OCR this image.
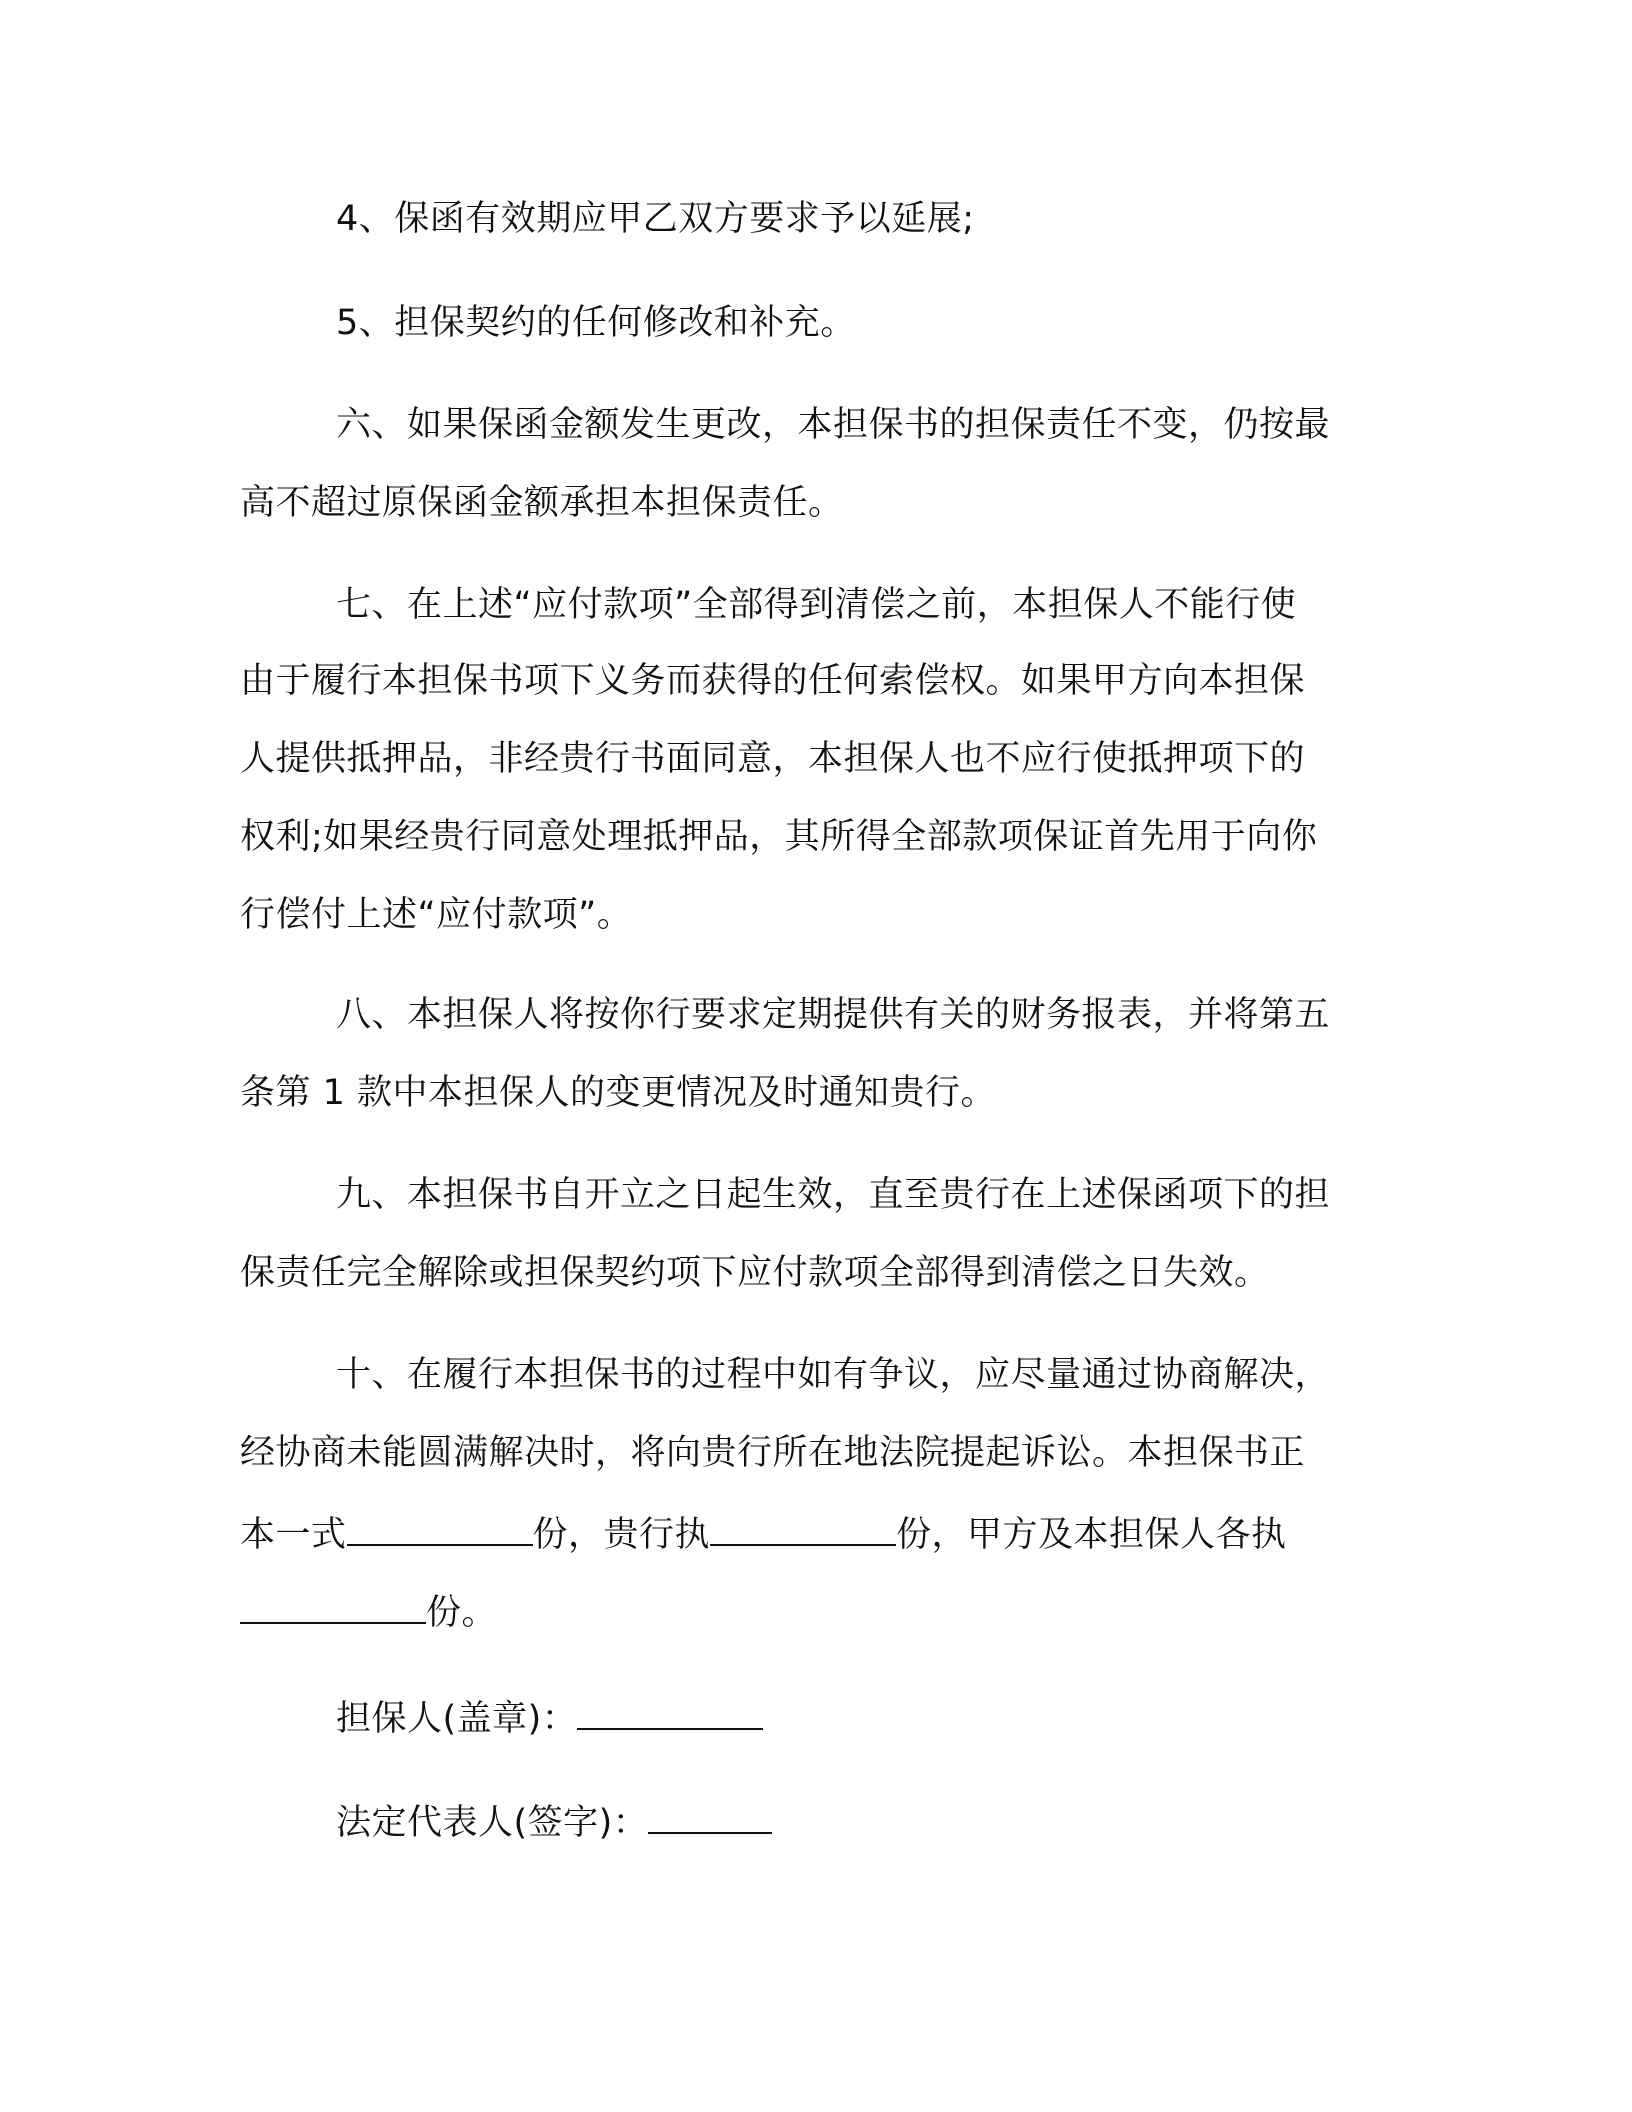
4、保函有效期应甲乙双方要求予以延展;
5、担保契约的任何修改和补充。
六、如果保函金额发生更改，本担保书的担保责任不变，仍按最
高不超过原保函金额承担本担保责任。
七、在上述“应付款项”全部得到清偿之前，本担保人不能行使
由于履行本担保书项下义务而获得的任何索偿权。如果甲方向本担保
人提供抵押品，非经贵行书面同意，本担保人也不应行使抵押项下的
权利;如果经贵行同意处理抵押品，其所得全部款项保证首先用于向你
行偿付上述“应付款项”。
八、本担保人将按你行要求定期提供有关的财务报表，并将第五
条第 1 款中本担保人的变更情况及时通知贵行。
九、本担保书自开立之日起生效，直至贵行在上述保函项下的担
保责任完全解除或担保契约项下应付款项全部得到清偿之日失效。
十、在履行本担保书的过程中如有争议，应尽量通过协商解决，
经协商未能圆满解决时，将向贵行所在地法院提起诉讼。本担保书正
本一式	份，贵行执	份，甲方及本担保人各执
份。
担保人(盖章)：
法定代表人(签字)：
